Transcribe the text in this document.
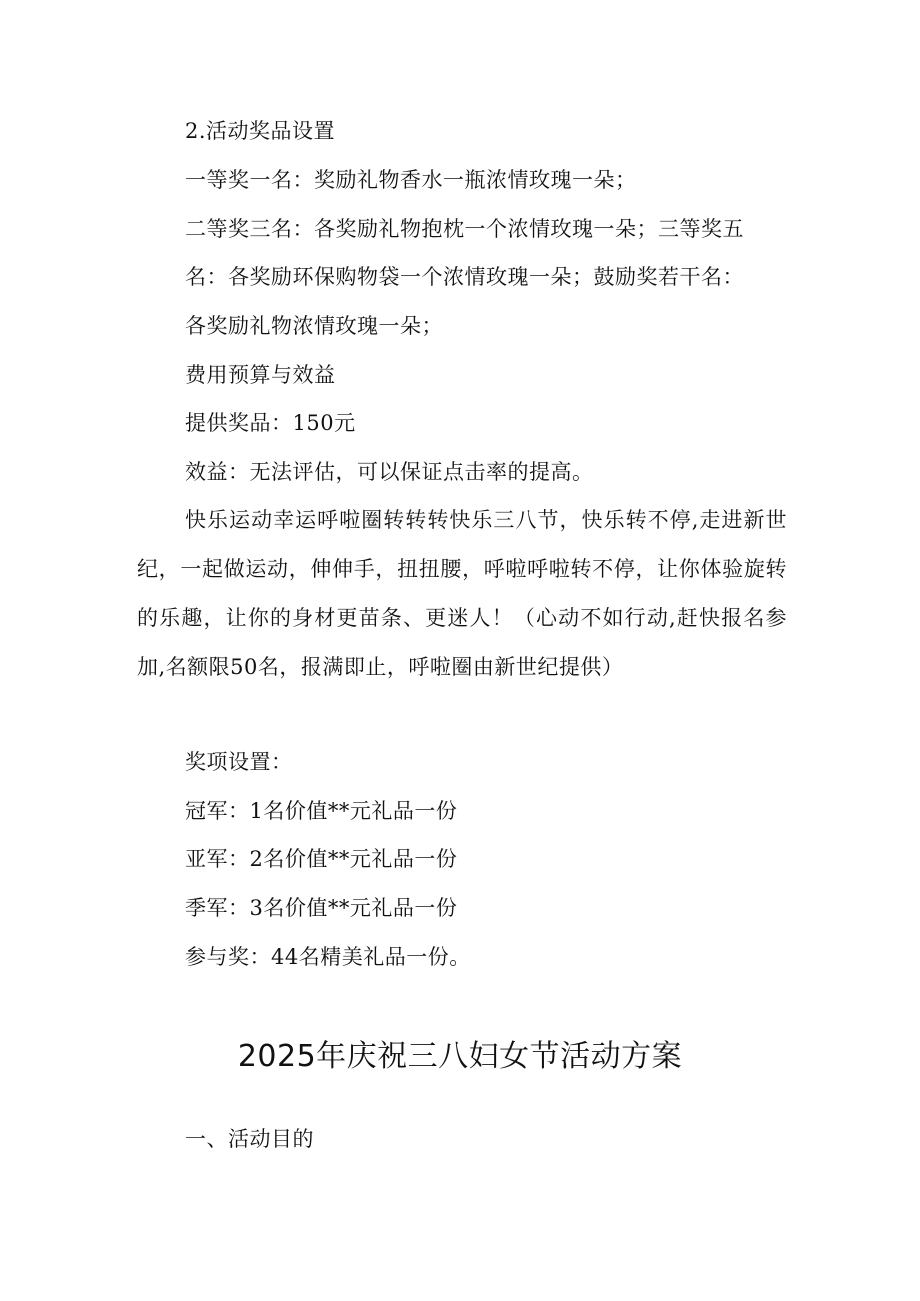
2.活动奖品设置
一等奖一名：奖励礼物香水一瓶浓情玫瑰一朵；
二等奖三名：各奖励礼物抱枕一个浓情玫瑰一朵；三等奖五
名：各奖励环保购物袋一个浓情玫瑰一朵；鼓励奖若干名：
各奖励礼物浓情玫瑰一朵；
费用预算与效益
提供奖品：150元
效益：无法评估，可以保证点击率的提高。
快乐运动幸运呼啦圈转转转快乐三八节，快乐转不停,走进新世纪，一起做运动，伸伸手，扭扭腰，呼啦呼啦转不停，让你体验旋转的乐趣，让你的身材更苗条、更迷人！（心动不如行动,赶快报名参加,名额限50名，报满即止，呼啦圈由新世纪提供）
奖项设置：
冠军：1名价值**元礼品一份
亚军：2名价值**元礼品一份
季军：3名价值**元礼品一份
参与奖：44名精美礼品一份。
2025年庆祝三八妇女节活动方案
一、活动目的
